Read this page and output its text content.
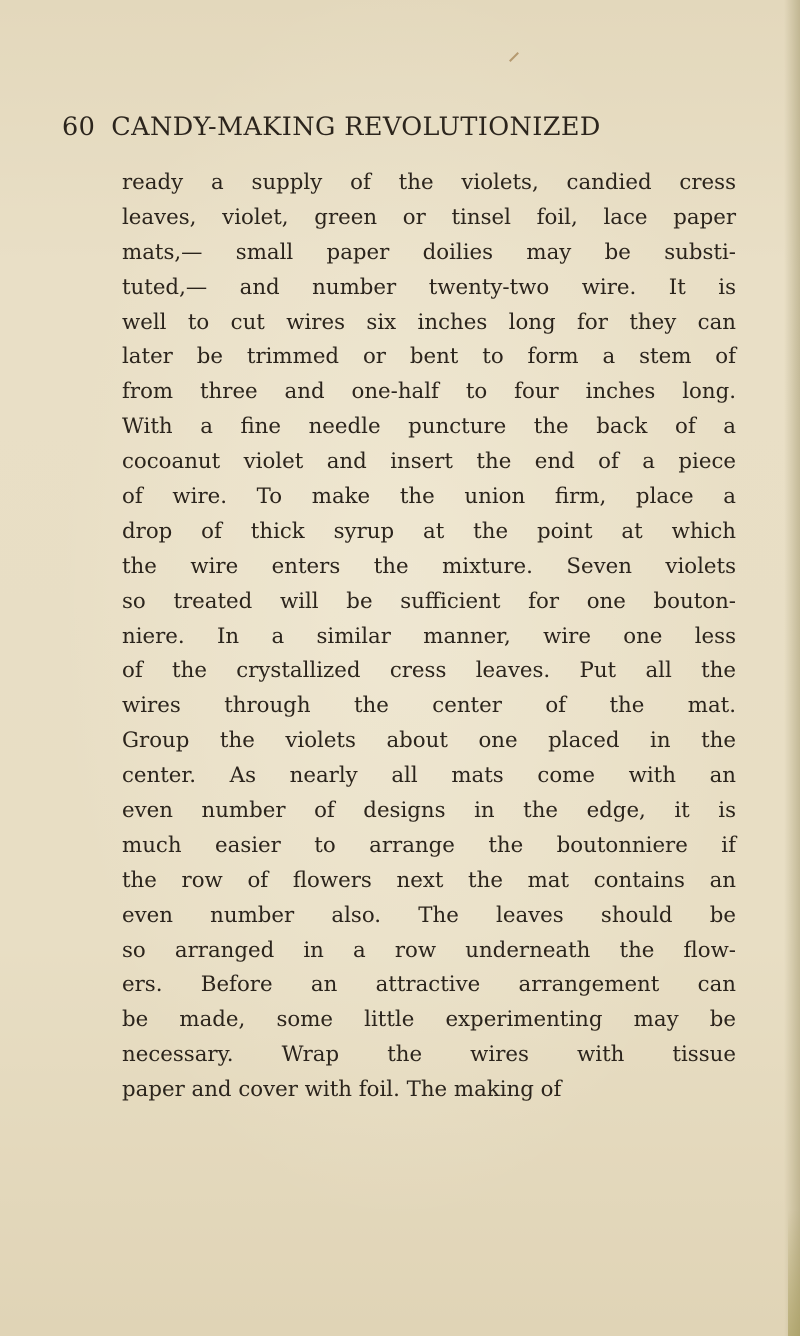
60 CANDY-MAKING REVOLUTIONIZED
ready a supply of the violets, candied cress
leaves, violet, green or tinsel foil, lace paper
mats,— small paper doilies may be substi-
tuted,— and number twenty-two wire. It is
well to cut wires six inches long for they can
later be trimmed or bent to form a stem of
from three and one-half to four inches long.
With a fine needle puncture the back of a
cocoanut violet and insert the end of a piece
of wire. To make the union firm, place a
drop of thick syrup at the point at which
the wire enters the mixture. Seven violets
so treated will be sufficient for one bouton-
niere. In a similar manner, wire one less
of the crystallized cress leaves. Put all the
wires through the center of the mat.
Group the violets about one placed in the
center. As nearly all mats come with an
even number of designs in the edge, it is
much easier to arrange the boutonniere if
the row of flowers next the mat contains an
even number also. The leaves should be
so arranged in a row underneath the flow-
ers. Before an attractive arrangement can
be made, some little experimenting may be
necessary. Wrap the wires with tissue
paper and cover with foil. The making of
